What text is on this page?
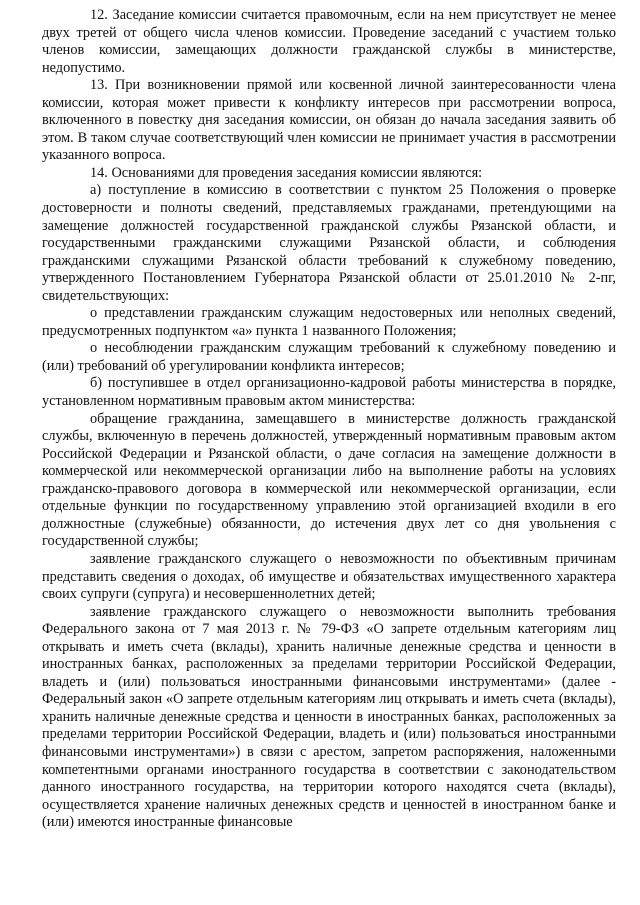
12. Заседание комиссии считается правомочным, если на нем присутствует не менее двух третей от общего числа членов комиссии. Проведение заседаний с участием только членов комиссии, замещающих должности гражданской службы в министерстве, недопустимо.

13. При возникновении прямой или косвенной личной заинтересованности члена комиссии, которая может привести к конфликту интересов при рассмотрении вопроса, включенного в повестку дня заседания комиссии, он обязан до начала заседания заявить об этом. В таком случае соответствующий член комиссии не принимает участия в рассмотрении указанного вопроса.

14. Основаниями для проведения заседания комиссии являются:

а) поступление в комиссию в соответствии с пунктом 25 Положения о проверке достоверности и полноты сведений, представляемых гражданами, претендующими на замещение должностей государственной гражданской службы Рязанской области, и государственными гражданскими служащими Рязанской области, и соблюдения гражданскими служащими Рязанской области требований к служебному поведению, утвержденного Постановлением Губернатора Рязанской области от 25.01.2010 № 2-пг, свидетельствующих:

о представлении гражданским служащим недостоверных или неполных сведений, предусмотренных подпунктом «а» пункта 1 названного Положения;

о несоблюдении гражданским служащим требований к служебному поведению и (или) требований об урегулировании конфликта интересов;

б) поступившее в отдел организационно-кадровой работы министерства в порядке, установленном нормативным правовым актом министерства:

обращение гражданина, замещавшего в министерстве должность гражданской службы, включенную в перечень должностей, утвержденный нормативным правовым актом Российской Федерации и Рязанской области, о даче согласия на замещение должности в коммерческой или некоммерческой организации либо на выполнение работы на условиях гражданско-правового договора в коммерческой или некоммерческой организации, если отдельные функции по государственному управлению этой организацией входили в его должностные (служебные) обязанности, до истечения двух лет со дня увольнения с государственной службы;

заявление гражданского служащего о невозможности по объективным причинам представить сведения о доходах, об имуществе и обязательствах имущественного характера своих супруги (супруга) и несовершеннолетних детей;

заявление гражданского служащего о невозможности выполнить требования Федерального закона от 7 мая 2013 г. № 79-ФЗ «О запрете отдельным категориям лиц открывать и иметь счета (вклады), хранить наличные денежные средства и ценности в иностранных банках, расположенных за пределами территории Российской Федерации, владеть и (или) пользоваться иностранными финансовыми инструментами» (далее - Федеральный закон «О запрете отдельным категориям лиц открывать и иметь счета (вклады), хранить наличные денежные средства и ценности в иностранных банках, расположенных за пределами территории Российской Федерации, владеть и (или) пользоваться иностранными финансовыми инструментами») в связи с арестом, запретом распоряжения, наложенными компетентными органами иностранного государства в соответствии с законодательством данного иностранного государства, на территории которого находятся счета (вклады), осуществляется хранение наличных денежных средств и ценностей в иностранном банке и (или) имеются иностранные финансовые
